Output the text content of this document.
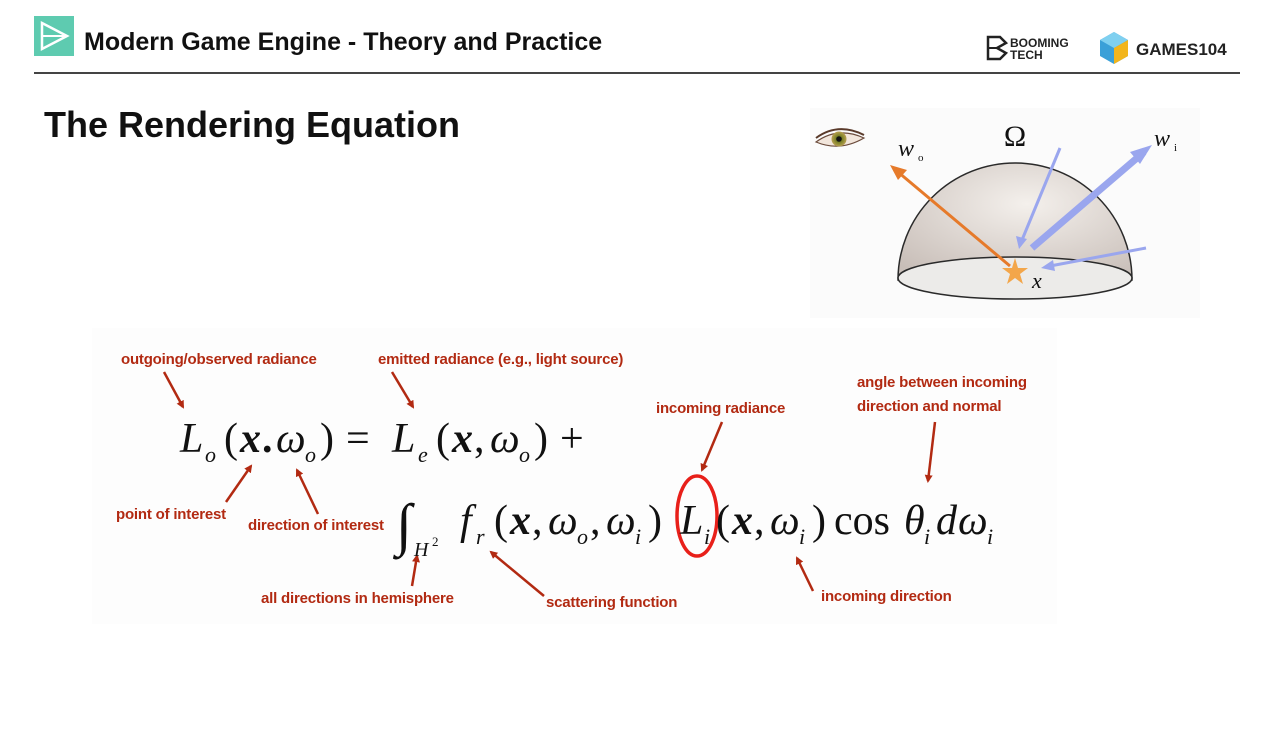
Modern Game Engine - Theory and Practice	BOOMING
TECH	GAMES104
The Rendering Equation	Ω
w o
w i
x
L o ( x . ω o ) = L e ( x , ω o ) +
∫ H 2 f r ( x , ω o , ω i ) L i ( x , ω i ) cos θ i d ω i
outgoing/observed radiance	emitted radiance (e.g., light source)
incoming radiance
angle between incoming
direction and normal
point of interest
direction of interest
all directions in hemisphere	scattering function	incoming direction
